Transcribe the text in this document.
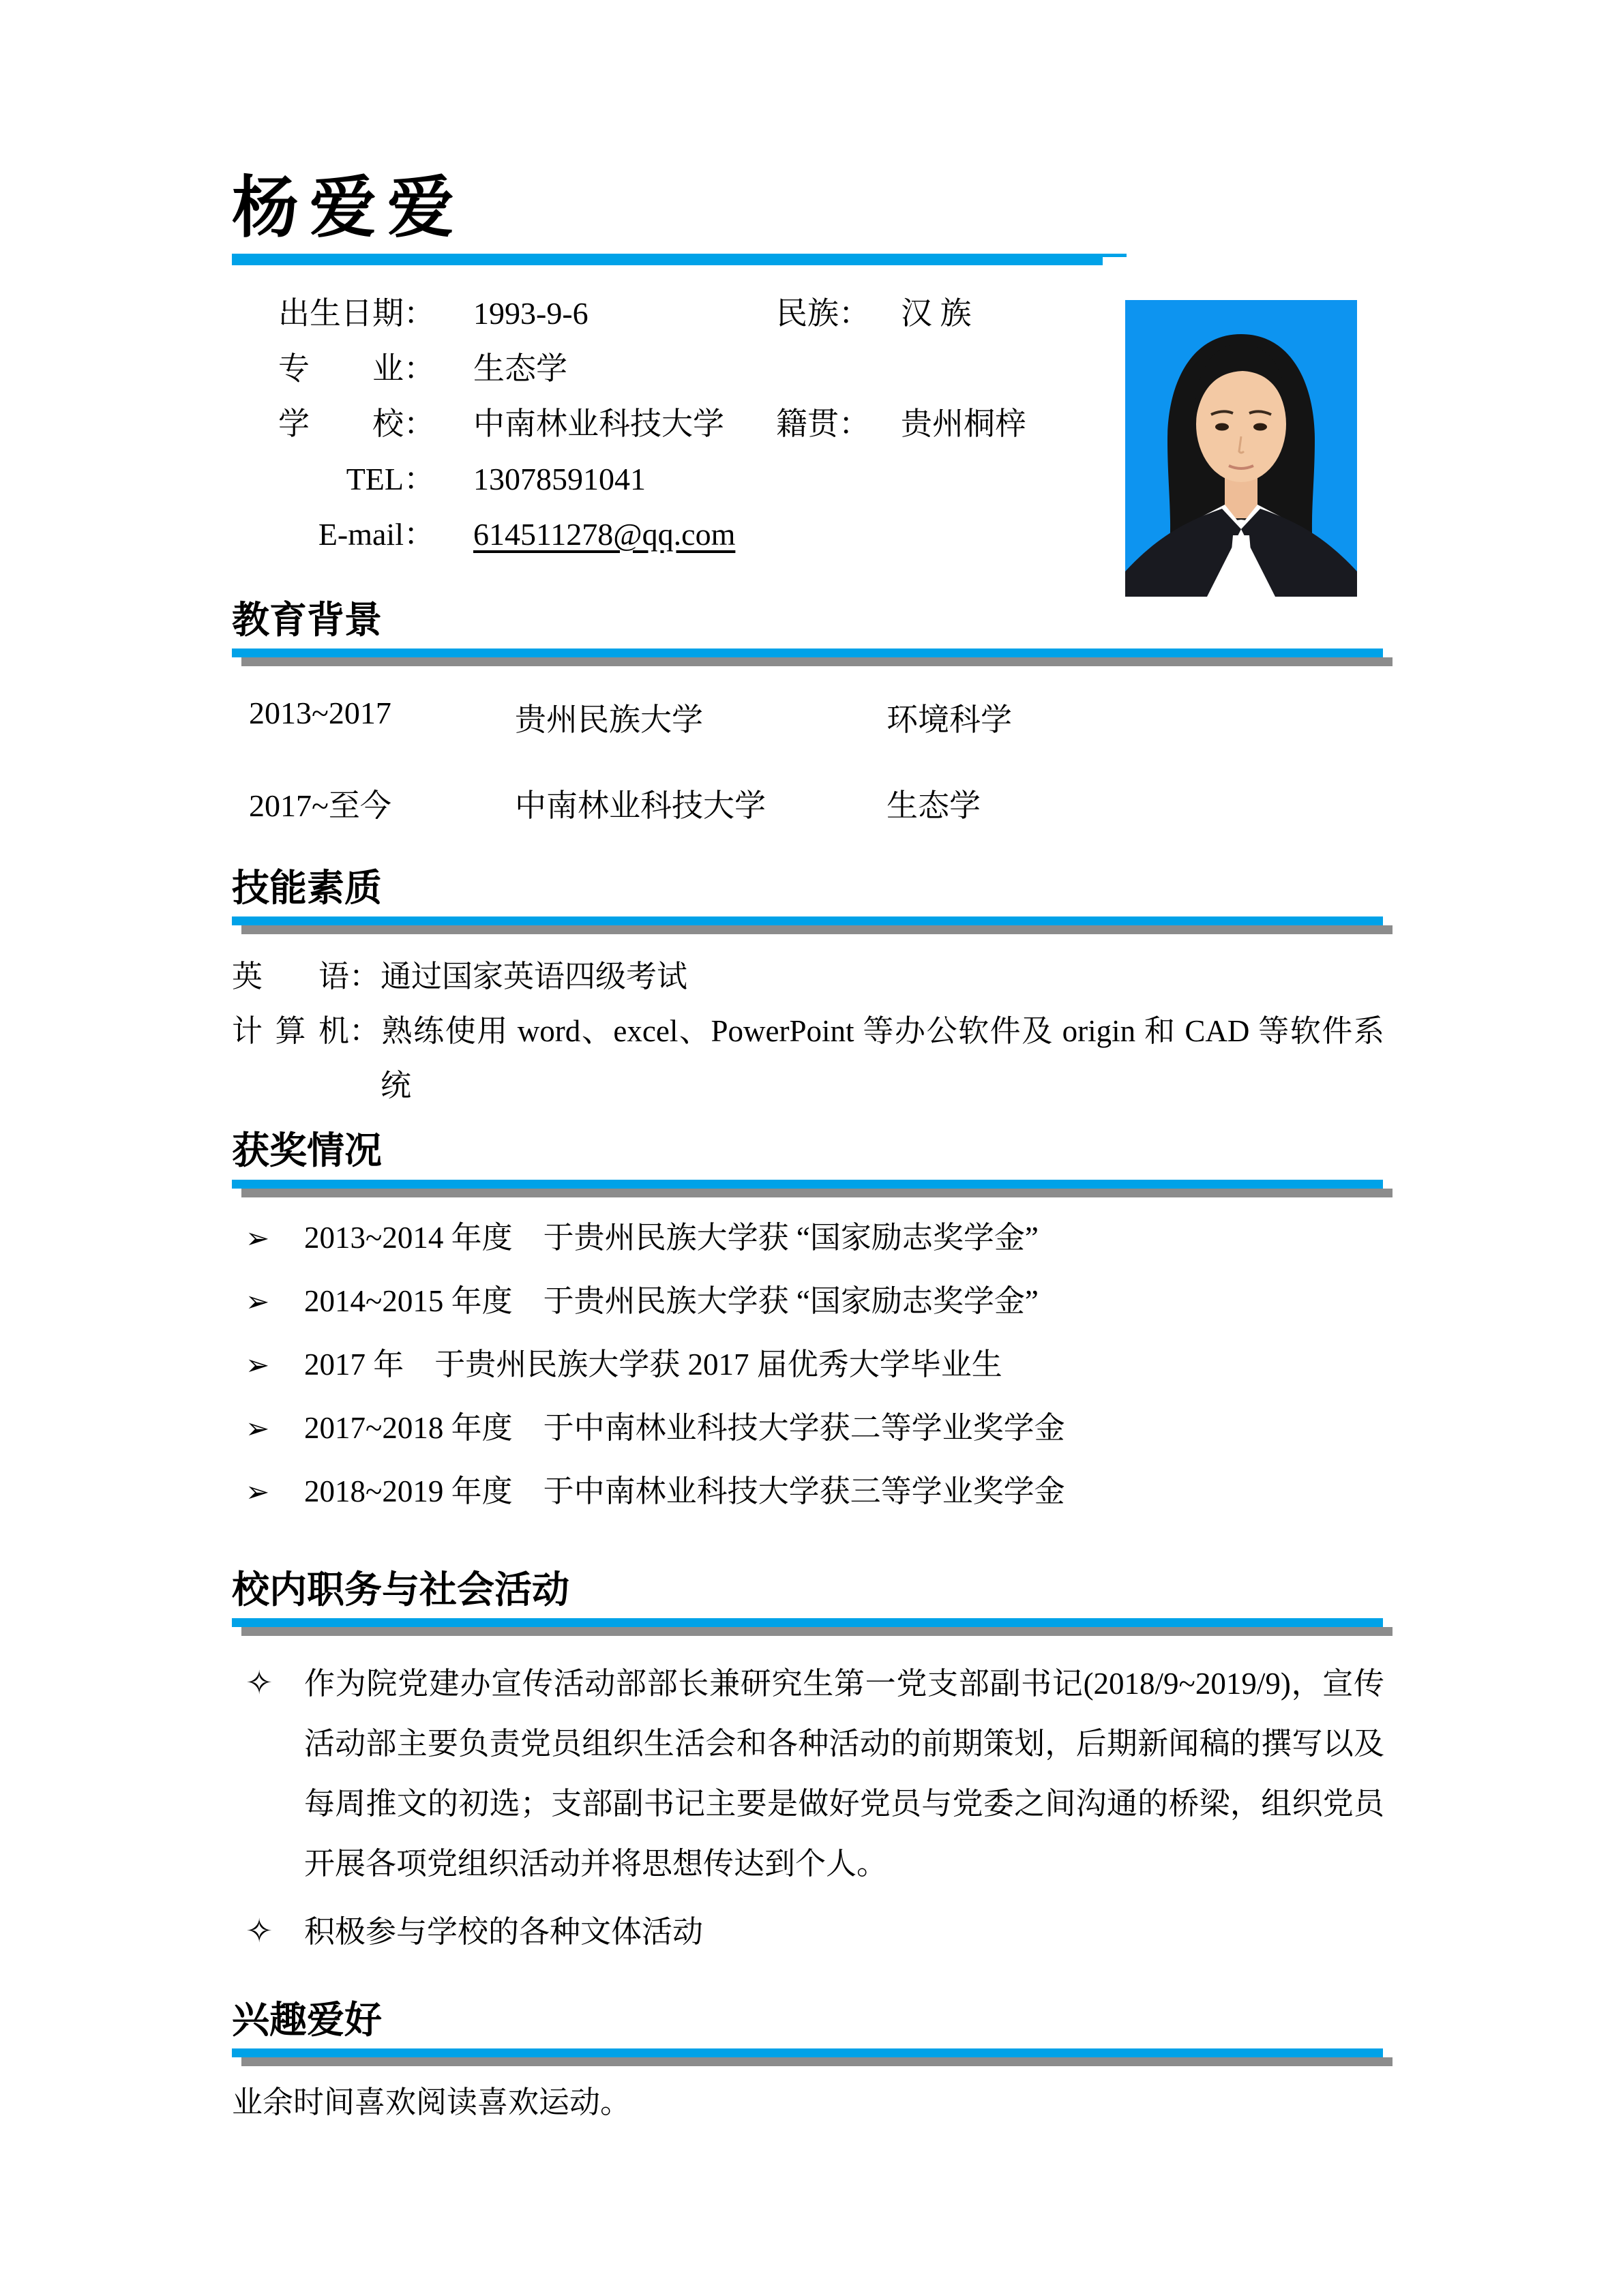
杨爱爱
出生日期 ： 1993-9-6	民族 ： 汉 族
专　　业 ： 生态学
学　　校 ： 中南林业科技大学	籍贯 ： 贵州桐梓
TEL ： 13078591041
E-mail ： 614511278@qq.com
教育背景
2013~2017	贵州民族大学	环境科学
2017~至今	中南林业科技大学	生态学
技能素质
英　语：通过国家英语四级考试
计算机：熟练使用 word、excel、PowerPoint 等办公软件及 origin 和 CAD 等软件系统
获奖情况
➢	2013~2014 年度　于贵州民族大学获 “国家励志奖学金”
➢	2014~2015 年度　于贵州民族大学获 “国家励志奖学金”
➢	2017 年　于贵州民族大学获 2017 届优秀大学毕业生
➢	2017~2018 年度　于中南林业科技大学获二等学业奖学金
➢	2018~2019 年度　于中南林业科技大学获三等学业奖学金
校内职务与社会活动
✧	作为院党建办宣传活动部部长兼研究生第一党支部副书记(2018/9~2019/9)，宣传活动部主要负责党员组织生活会和各种活动的前期策划，后期新闻稿的撰写以及每周推文的初选；支部副书记主要是做好党员与党委之间沟通的桥梁，组织党员开展各项党组织活动并将思想传达到个人。
✧	积极参与学校的各种文体活动
兴趣爱好
业余时间喜欢阅读喜欢运动。
